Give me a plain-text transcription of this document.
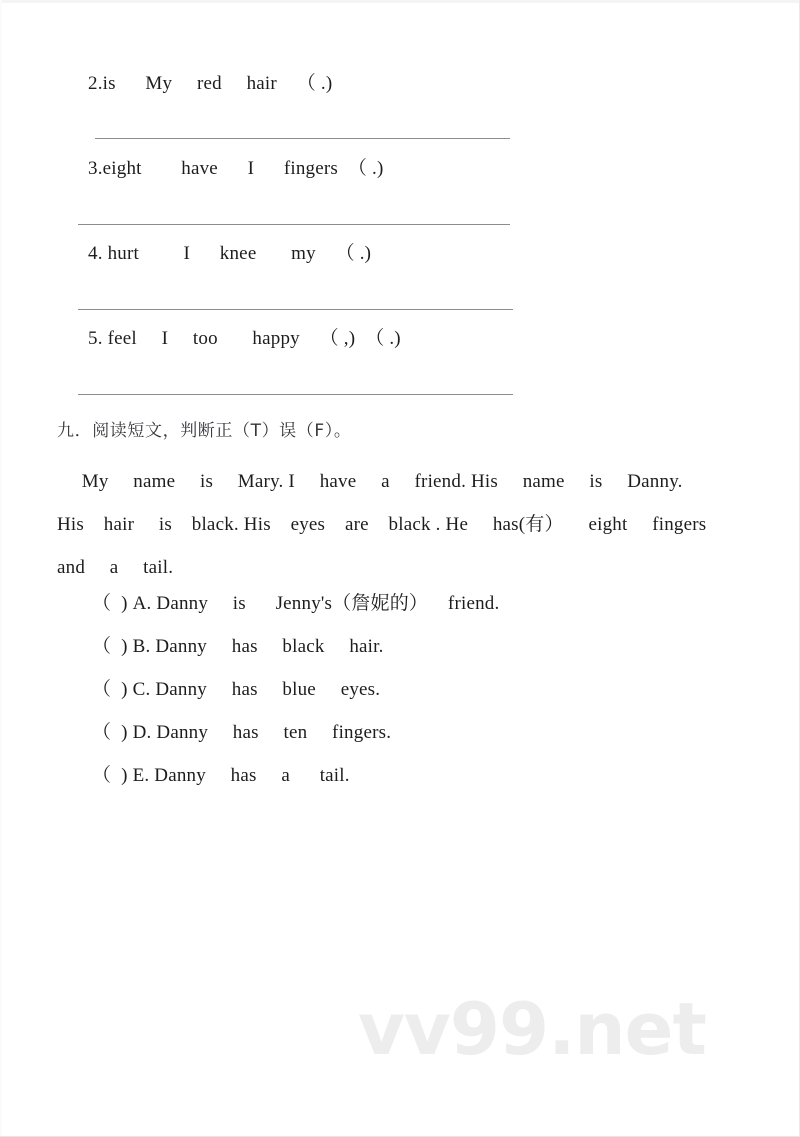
2.is      My     red     hair    （ .)
3.eight        have      I      fingers  （ .)
4. hurt         I      knee       my    （ .)
5. feel     I     too       happy    （ ,)  （ .)
九．阅读短文，判断正（T）误（F）。
My     name     is     Mary. I     have     a     friend. His     name     is     Danny.
His    hair     is    black. His    eyes    are    black . He     has(有）     eight     fingers
and     a     tail.
（  ) A. Danny     is      Jenny's（詹妮的）    friend.
（  ) B. Danny     has     black     hair.
（  ) C. Danny     has     blue     eyes.
（  ) D. Danny     has     ten     fingers.
（  ) E. Danny     has     a      tail.
vv99.net
